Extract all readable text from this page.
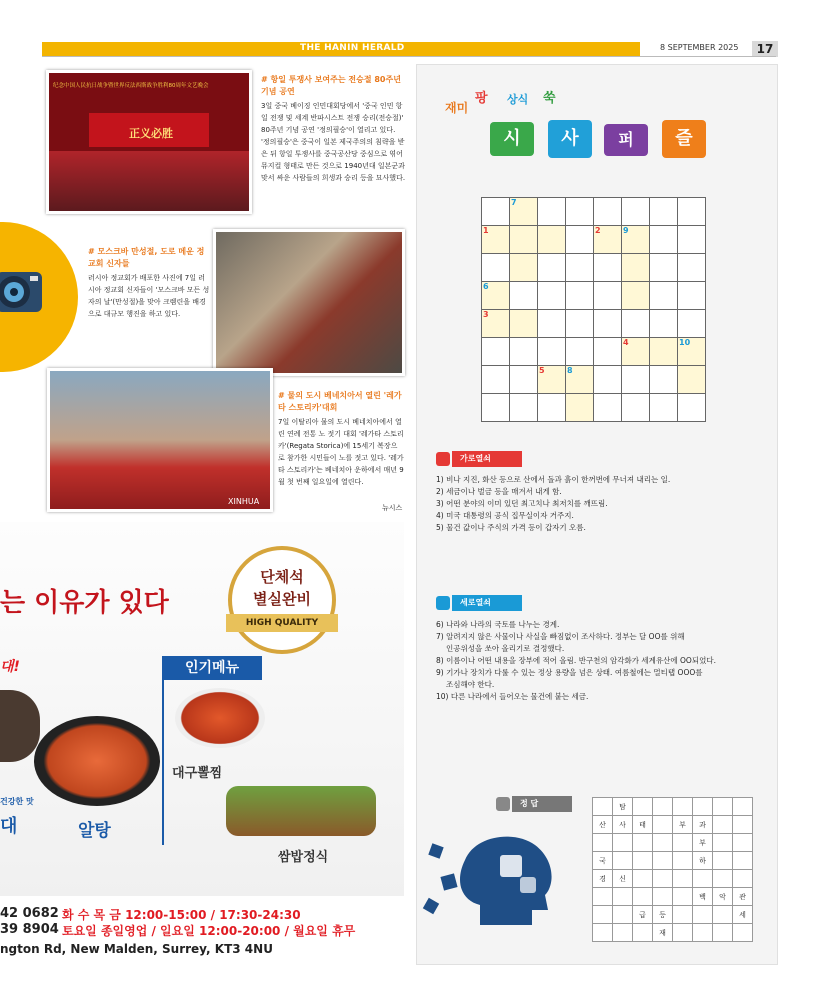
THE HANIN HERALD	8 SEPTEMBER 2025	17
纪念中国人民抗日战争暨世界反法西斯战争胜利80周年文艺晚会
正义必胜
# 항일 투쟁사 보여주는 전승절 80주년 기념 공연
3일 중국 베이징 인민대회당에서 '중국 인민 항일 전쟁 및 세계 반파시스트 전쟁 승리(전승절)' 80주년 기념 공연 '정의필승'이 열리고 있다. '정의필승'은 중국이 일본 제국주의의 침략을 받은 뒤 항일 투쟁사를 중국공산당 중심으로 엮어 뮤지컬 형태로 만든 것으로 1940년대 일본군과 맞서 싸운 사람들의 희생과 승리 등을 묘사했다.
# 모스크바 만성절, 도로 메운 정교회 신자들
러시아 정교회가 배포한 사진에 7일 러시아 정교회 신자들이 '모스크바 모든 성자의 날'(만성절)을 맞아 크렘린을 배경으로 대규모 행진을 하고 있다.
XINHUA
# 물의 도시 베네치아서 열린 '레가타 스토리카'대회
7일 이탈리아 물의 도시 베네치아에서 열린 연례 전통 노 젓기 대회 '레가타 스토리카'(Regata Storica)에 15세기 복장으로 참가한 시민들이 노를 젓고 있다. '레가타 스토리카'는 베네치아 운하에서 매년 9월 첫 번째 일요일에 열린다.
뉴시스
재미
팡 상식 쑥
시	사	퍼	즐

	7						

1				2	9		

6							

3							

					4		10

		5	8				

가로열쇠
1) 비나 지진, 화산 등으로 산에서 돌과 흙이 한꺼번에 무너져 내리는 일.
2) 세금이나 벌금 등을 매겨서 내게 함.
3) 어떤 분야의 이미 있던 최고치나 최저치를 깨뜨림.
4) 미국 대통령의 공식 집무실이자 거주지.
5) 물건 값이나 주식의 가격 등이 갑자기 오름.
세로열쇠
6) 나라와 나라의 국토를 나누는 경계.
7) 알려지지 않은 사물이나 사실을 빠짐없이 조사하다. 정부는 달 OO를 위해
인공위성을 쏘아 올리기로 결정했다.
8) 이름이나 어떤 내용을 장부에 적어 올림. 반구천의 암각화가 세계유산에 OO되었다.
9) 기가나 장치가 다룰 수 있는 정상 용량을 넘은 상태. 여름철에는 멀티탭 OOO를
조심해야 한다.
10) 다른 나라에서 들어오는 물건에 붙는 세금.
정 답
		탐						
산	사	태		부	과		
					부		
국					하		
경	신						
					백	악	관
		급	등				세
			재				
는 이유가 있다
단체석
별실완비
HIGH QUALITY
인기메뉴
대구뽈찜
쌈밥정식
알탕
대!
건강한 맛
대
42 0682
39 8904
화 수 목 금 12:00-15:00 / 17:30-24:30
토요일 종일영업 / 일요일 12:00-20:00 / 월요일 휴무
ngton Rd, New Malden, Surrey, KT3 4NU
